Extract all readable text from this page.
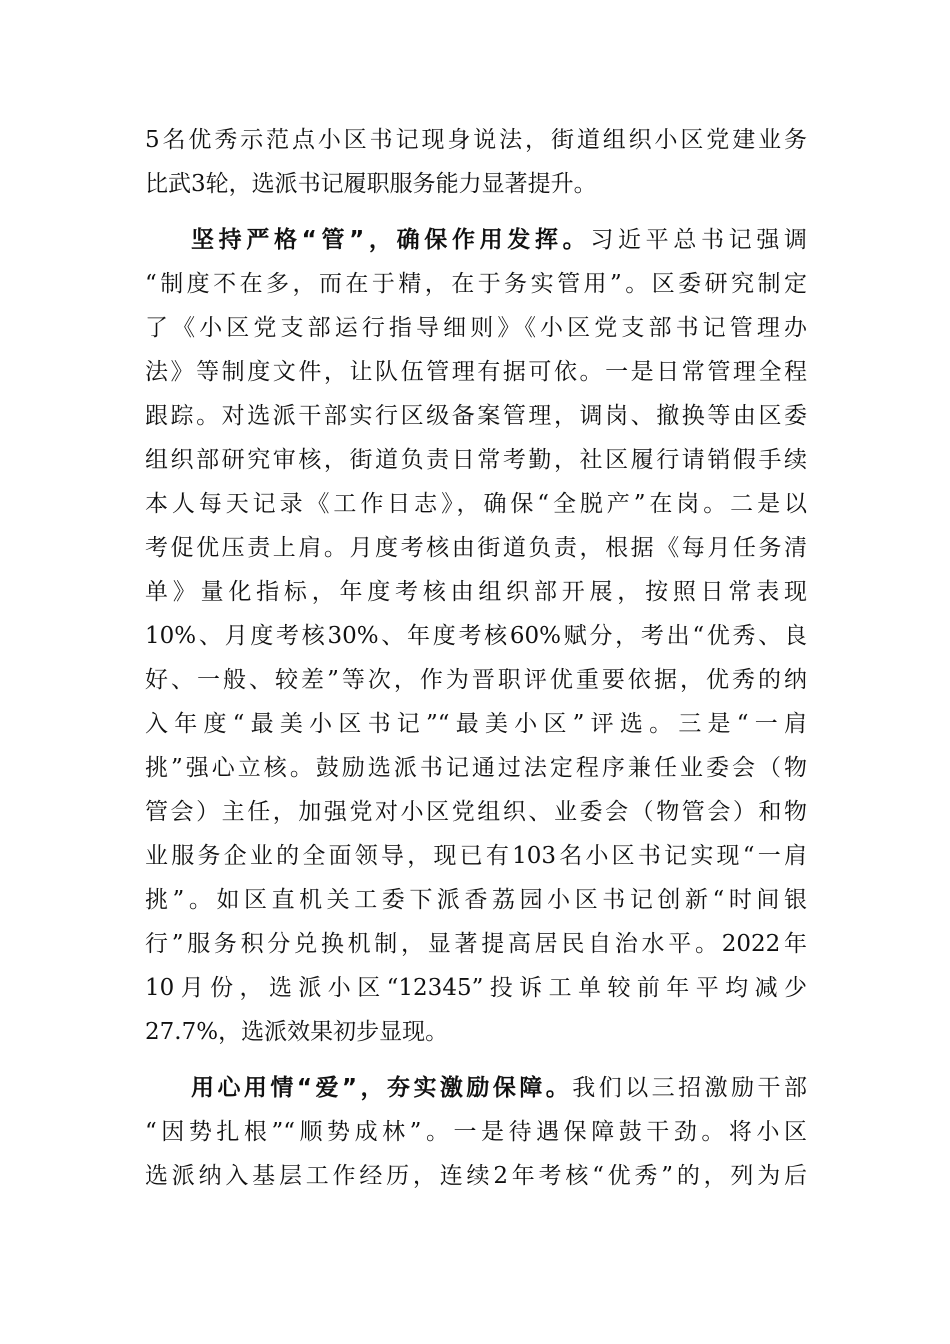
5名优秀示范点小区书记现身说法，街道组织小区党建业务
比武3轮，选派书记履职服务能力显著提升。
坚持严格“管”，确保作用发挥。习近平总书记强调
“制度不在多，而在于精，在于务实管用”。区委研究制定
了《小区党支部运行指导细则》《小区党支部书记管理办
法》等制度文件，让队伍管理有据可依。一是日常管理全程
跟踪。对选派干部实行区级备案管理，调岗、撤换等由区委
组织部研究审核，街道负责日常考勤，社区履行请销假手续
本人每天记录《工作日志》，确保“全脱产”在岗。二是以
考促优压责上肩。月度考核由街道负责，根据《每月任务清
单》量化指标，年度考核由组织部开展，按照日常表现
10%、月度考核30%、年度考核60%赋分，考出“优秀、良
好、一般、较差”等次，作为晋职评优重要依据，优秀的纳
入年度“最美小区书记”“最美小区”评选。三是“一肩
挑”强心立核。鼓励选派书记通过法定程序兼任业委会（物
管会）主任，加强党对小区党组织、业委会（物管会）和物
业服务企业的全面领导，现已有103名小区书记实现“一肩
挑”。如区直机关工委下派香荔园小区书记创新“时间银
行”服务积分兑换机制，显著提高居民自治水平。2022年
10月份，选派小区“12345”投诉工单较前年平均减少
27.7%，选派效果初步显现。
用心用情“爱”，夯实激励保障。我们以三招激励干部
“因势扎根”“顺势成林”。一是待遇保障鼓干劲。将小区
选派纳入基层工作经历，连续2年考核“优秀”的，列为后
